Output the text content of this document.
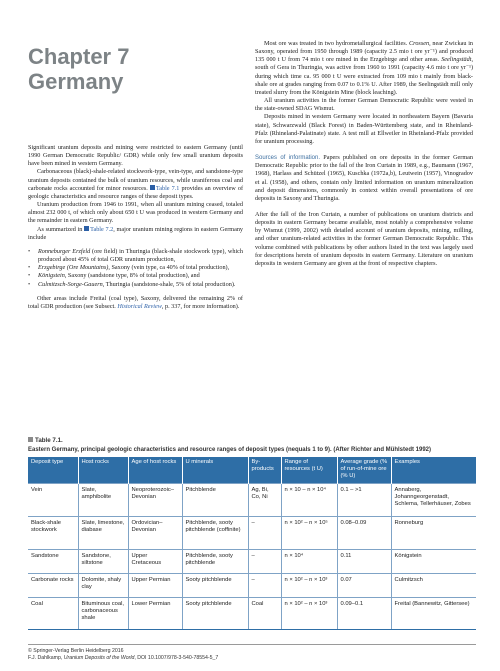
Chapter 7
Germany

Significant uranium deposits and mining were restricted to eastern Germany (until 1990 German Democratic Republic/ GDR) while only few small uranium deposits have been mined in western Germany.

Carbonaceous (black)-shale-related stockwork-type, vein-type, and sandstone-type uranium deposits contained the bulk of uranium resources, while uraniferous coal and carbonate rocks accounted for minor resources. Table 7.1 provides an overview of geologic characteristics and resource ranges of these deposit types.

Uranium production from 1946 to 1991, when all uranium mining ceased, totaled almost 232 000 t, of which only about 650 t U was produced in western Germany and the remainder in eastern Germany.

As summarized in Table 7.2, major uranium mining regions in eastern Germany include

• Ronneburger Erzfeld (ore field) in Thuringia (black-shale stockwork type), which produced about 45% of total GDR uranium production,
• Erzgebirge (Ore Mountains), Saxony (vein type, ca 40% of total production),
• Königstein, Saxony (sandstone type, 8% of total production), and
• Culmitzsch-Sorge-Gauern, Thuringia (sandstone-shale, 5% of total production).

Other areas include Freital (coal type), Saxony, delivered the remaining 2% of total GDR production (see Subsect. Historical Review, p. 337, for more information).

Most ore was treated in two hydrometallurgical facilities. Crossen, near Zwickau in Saxony, operated from 1950 through 1989 (capacity 2.5 mio t ore yr⁻¹) and produced 135 000 t U from 74 mio t ore mined in the Erzgebirge and other areas. Seelingstädt, south of Gera in Thuringia, was active from 1960 to 1991 (capacity 4.6 mio t ore yr⁻¹) during which time ca. 95 000 t U were extracted from 109 mio t mainly from black-shale ore at grades ranging from 0.07 to 0.1% U. After 1989, the Seelingstädt mill only treated slurry from the Königstein Mine (block leaching).

All uranium activities in the former German Democratic Republic were vested in the state-owned SDAG Wismut.

Deposits mined in western Germany were located in northeastern Bayern (Bavaria state), Schwarzwald (Black Forest) in Baden-Württemberg state, and in Rheinland-Pfalz (Rhineland-Palatinate) state. A test mill at Ellweiler in Rheinland-Pfalz provided for uranium processing.

Sources of information. Papers published on ore deposits in the former German Democratic Republic prior to the fall of the Iron Curtain in 1989, e.g., Baumann (1967, 1968), Harlass and Schützel (1965), Kuschka (1972a,b), Leutwein (1957), Vinogradov et al. (1958), and others, contain only limited information on uranium mineralization and deposit dimensions, commonly in context within overall presentations of ore deposits in Saxony and Thuringia.

After the fall of the Iron Curtain, a number of publications on uranium districts and deposits in eastern Germany became available, most notably a comprehensive volume by Wismut (1999, 2002) with detailed account of uranium deposits, mining, milling, and other uranium-related activities in the former German Democratic Republic. This volume combined with publications by other authors listed in the text was largely used for descriptions herein of uranium deposits in eastern Germany. Literature on uranium deposits in western Germany are given at the front of respective chapters.

Table 7.1.
Eastern Germany, principal geologic characteristics and resource ranges of deposit types (nequals 1 to 9). (After Richter and Mühlstedt 1992)
Deposit type	Host rocks	Age of host rocks	U minerals	By-products	Range of resources (t U)	Average grade (% of run-of-mine ore (% U)	Examples
Vein	Slate, amphibolite	Neoproterozoic–Devonian	Pitchblende	Ag, Bi, Co, Ni	n × 10 – n × 10⁴	0.1 – >1	Annaberg, Johanngeorgenstadt, Schlema, Tellerhäuser, Zobes
Black-shale stockwork	Slate, limestone, diabase	Ordovician–Devonian	Pitchblende, sooty pitchblende (coffinite)	–	n × 10² – n × 10⁵	0.08–0.09	Ronneburg
Sandstone	Sandstone, siltstone	Upper Cretaceous	Pitchblende, sooty pitchblende	–	n × 10⁴	0.11	Königstein
Carbonate rocks	Dolomite, shaly clay	Upper Permian	Sooty pitchblende	–	n × 10² – n × 10³	0.07	Culmitzsch
Coal	Bituminous coal, carbonaceous shale	Lower Permian	Sooty pitchblende	Coal	n × 10² – n × 10³	0.09–0.1	Freital (Bannewitz, Gittersee)
© Springer-Verlag Berlin Heidelberg 2016
F.J. Dahlkamp, Uranium Deposits of the World, DOI 10.1007/978-3-540-78554-5_7
